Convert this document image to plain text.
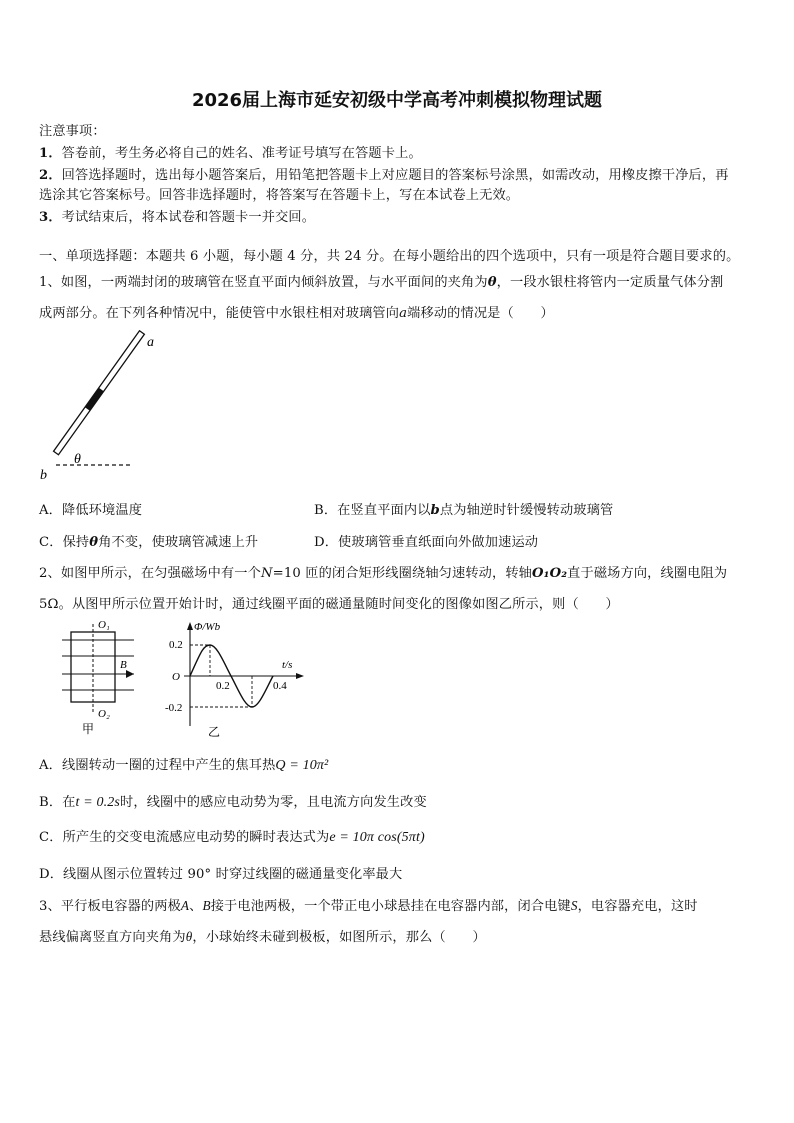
2026届上海市延安初级中学高考冲刺模拟物理试题
注意事项：
1．答卷前，考生务必将自己的姓名、准考证号填写在答题卡上。
2．回答选择题时，选出每小题答案后，用铅笔把答题卡上对应题目的答案标号涂黑，如需改动，用橡皮擦干净后，再
选涂其它答案标号。回答非选择题时，将答案写在答题卡上，写在本试卷上无效。
3．考试结束后，将本试卷和答题卡一并交回。
一、单项选择题：本题共 6 小题，每小题 4 分，共 24 分。在每小题给出的四个选项中，只有一项是符合题目要求的。
1、如图，一两端封闭的玻璃管在竖直平面内倾斜放置，与水平面间的夹角为θ，一段水银柱将管内一定质量气体分割
成两部分。在下列各种情况中，能使管中水银柱相对玻璃管向a端移动的情况是（　　）
a
b
θ
A．降低环境温度	B．在竖直平面内以b点为轴逆时针缓慢转动玻璃管
C．保持θ角不变，使玻璃管减速上升	D．使玻璃管垂直纸面向外做加速运动
2、如图甲所示，在匀强磁场中有一个N=10 匝的闭合矩形线圈绕轴匀速转动，转轴O₁O₂直于磁场方向，线圈电阻为
5Ω。从图甲所示位置开始计时，通过线圈平面的磁通量随时间变化的图像如图乙所示，则（　　）
O₁
O₂
B
甲
Φ/Wb
t/s
O
0.2
-0.2
0.2	0.4
乙
A．线圈转动一圈的过程中产生的焦耳热Q = 10π²
B．在t = 0.2s时，线圈中的感应电动势为零，且电流方向发生改变
C．所产生的交变电流感应电动势的瞬时表达式为e = 10π cos(5πt)
D．线圈从图示位置转过 90° 时穿过线圈的磁通量变化率最大
3、平行板电容器的两极A、B接于电池两极，一个带正电小球悬挂在电容器内部，闭合电键S，电容器充电，这时
悬线偏离竖直方向夹角为θ，小球始终未碰到极板，如图所示，那么（　　）
